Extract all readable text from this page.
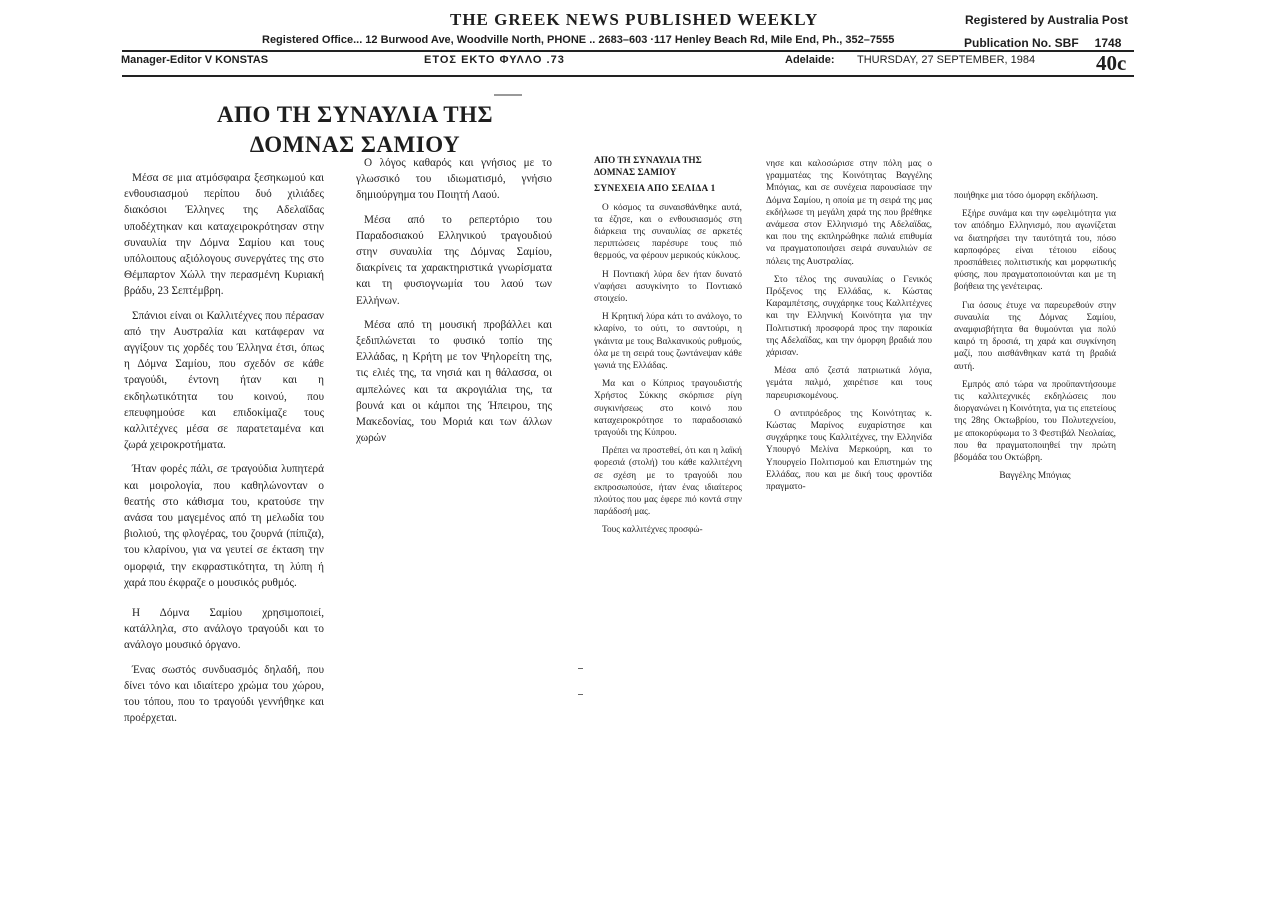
THE GREEK NEWS PUBLISHED WEEKLY	Registered by Australia Post
Registered Office... 12 Burwood Ave, Woodville North, PHONE .. 2683–603 ·117 Henley Beach Rd, Mile End, Ph., 352–7555	Publication No. SBF 1748
Manager-Editor V KONSTAS	ΕΤΟΣ ΕΚΤΟ ΦΥΛΛΟ .73	Adelaide: THURSDAY, 27 SEPTEMBER, 1984	40c
ΑΠΟ ΤΗ ΣΥΝΑΥΛΙΑ ΤΗΣ
ΔΟΜΝΑΣ ΣΑΜΙΟΥ

Μέσα σε μια ατμόσφαιρα ξεσηκωμού και ενθουσιασμού περίπου δυό χιλιάδες διακόσιοι Έλληνες της Αδελαϊδας υποδέχτηκαν και καταχειροκρότησαν στην συναυλία την Δόμνα Σαμίου και τους υπόλοιπους αξιόλογους συνεργάτες της στο Θέμπαρτον Χώλλ την περασμένη Κυριακή βράδυ, 23 Σεπτέμβρη.

Σπάνιοι είναι οι Καλλιτέχνες που πέρασαν από την Αυστραλία και κατάφεραν να αγγίξουν τις χορδές του Έλληνα έτσι, όπως η Δόμνα Σαμίου, που σχεδόν σε κάθε τραγούδι, έντονη ήταν και η εκδηλωτικότητα του κοινού, που επευφημούσε και επιδοκίμαζε τους καλλιτέχνες μέσα σε παρατεταμένα και ζωρά χειροκροτήματα.

Ήταν φορές πάλι, σε τραγούδια λυπητερά και μοιρολογία, που καθηλώνονταν ο θεατής στο κάθισμα του, κρατούσε την ανάσα του μαγεμένος από τη μελωδία του βιολιού, της φλογέρας, του ζουρνά (πίπιζα), του κλαρίνου, για να γευτεί σε έκταση την ομορφιά, την εκφραστικότητα, τη λύπη ή χαρά που έκφραζε ο μουσικός ρυθμός.

Η Δόμνα Σαμίου χρησιμοποιεί, κατάλληλα, στο ανάλογο τραγούδι και το ανάλογο μουσικό όργανο.

Ένας σωστός συνδυασμός δηλαδή, που δίνει τόνο και ιδιαίτερο χρώμα του χώρου, του τόπου, που το τραγούδι γεννήθηκε και προέρχεται.

Ο λόγος καθαρός και γνήσιος με το γλωσσικό του ιδιωματισμό, γνήσιο δημιούργημα του Ποιητή Λαού.

Μέσα από το ρεπερτόριο του Παραδοσιακού Ελληνικού τραγουδιού στην συναυλία της Δόμνας Σαμίου, διακρίνεις τα χαρακτηριστικά γνωρίσματα και τη φυσιογνωμία του λαού των Ελλήνων.

Μέσα από τη μουσική προβάλλει και ξεδιπλώνεται το φυσικό τοπίο της Ελλάδας, η Κρήτη με τον Ψηλορείτη της, τις ελιές της, τα νησιά και η θάλασσα, οι αμπελώνες και τα ακρογιάλια της, τα βουνά και οι κάμποι της Ήπειρου, της Μακεδονίας, του Μοριά και των άλλων χωρών

ΑΠΟ ΤΗ ΣΥΝΑΥΛΙΑ ΤΗΣ
ΔΟΜΝΑΣ ΣΑΜΙΟΥ

ΣΥΝΕΧΕΙΑ ΑΠΟ ΣΕΛΙΔΑ 1

Ο κόσμος τα συναισθάνθηκε αυτά, τα έζησε, και ο ενθουσιασμός στη διάρκεια της συναυλίας σε αρκετές περιπτώσεις παρέσυρε τους πιό θερμούς, να φέρουν μερικούς κύκλους.

Η Ποντιακή λύρα δεν ήταν δυνατό ν'αφήσει ασυγκίνητο το Ποντιακό στοιχείο.

Η Κρητική λύρα κάτι το ανάλογο, το κλαρίνο, το ούτι, το σαντούρι, η γκάιντα με τους Βαλκανικούς ρυθμούς, όλα με τη σειρά τους ζωντάνεψαν κάθε γωνιά της Ελλάδας.

Μα και ο Κύπριος τραγουδιστής Χρήστος Σύκκης σκόρπισε ρίγη συγκινήσεως στο κοινό που καταχειροκρότησε το παραδοσιακό τραγούδι της Κύπρου.

Πρέπει να προστεθεί, ότι και η λαϊκή φορεσιά (στολή) του κάθε καλλιτέχνη σε σχέση με το τραγούδι που εκπροσωπούσε, ήταν ένας ιδιαίτερος πλούτος που μας έφερε πιό κοντά στην παράδοσή μας.

Τους καλλιτέχνες προσφώ-

νησε και καλοσώρισε στην πόλη μας ο γραμματέας της Κοινότητας Βαγγέλης Μπόγιας, και σε συνέχεια παρουσίασε την Δόμνα Σαμίου, η οποία με τη σειρά της μας εκδήλωσε τη μεγάλη χαρά της που βρέθηκε ανάμεσα στον Ελληνισμό της Αδελαϊδας, και που της εκπληρώθηκε παλιά επιθυμία να πραγματοποιήσει σειρά συναυλιών σε πόλεις της Αυστραλίας.

Στο τέλος της συναυλίας ο Γενικός Πρόξενος της Ελλάδας, κ. Κώστας Καραμπέτσης, συγχάρηκε τους Καλλιτέχνες και την Ελληνική Κοινότητα για την Πολιτιστική προσφορά προς την παροικία της Αδελαϊδας, και την όμορφη βραδιά που χάρισαν.

Μέσα από ζεστά πατριωτικά λόγια, γεμάτα παλμό, χαιρέτισε και τους παρευρισκομένους.

Ο αντιπρόεδρος της Κοινότητας κ. Κώστας Μαρίνος ευχαρίστησε και συγχάρηκε τους Καλλιτέχνες, την Ελληνίδα Υπουργό Μελίνα Μερκούρη, και το Υπουργείο Πολιτισμού και Επιστημών της Ελλάδας, που και με δική τους φροντίδα πραγματο-

ποιήθηκε μια τόσο όμορφη εκδήλωση.

Εξήρε συνάμα και την ωφελιμότητα για τον απόδημο Ελληνισμό, που αγωνίζεται να διατηρήσει την ταυτότητά του, πόσο καρποφόρες είναι τέτοιου είδους προσπάθειες πολιτιστικής και μορφωτικής φύσης, που πραγματοποιούνται και με τη βοήθεια της γενέτειρας.

Για όσους έτυχε να παρευρεθούν στην συναυλία της Δόμνας Σαμίου, αναμφισβήτητα θα θυμούνται για πολύ καιρό τη δροσιά, τη χαρά και συγκίνηση μαζί, που αισθάνθηκαν κατά τη βραδιά αυτή.

Εμπρός από τώρα να προϋπαντήσουμε τις καλλιτεχνικές εκδηλώσεις που διοργανώνει η Κοινότητα, για τις επετείους της 28ης Οκτωβρίου, του Πολυτεχνείου, με αποκορύφωμα το 3 Φεστιβάλ Νεολαίας, που θα πραγματοποιηθεί την πρώτη βδομάδα του Οκτώβρη.

Βαγγέλης Μπόγιας
